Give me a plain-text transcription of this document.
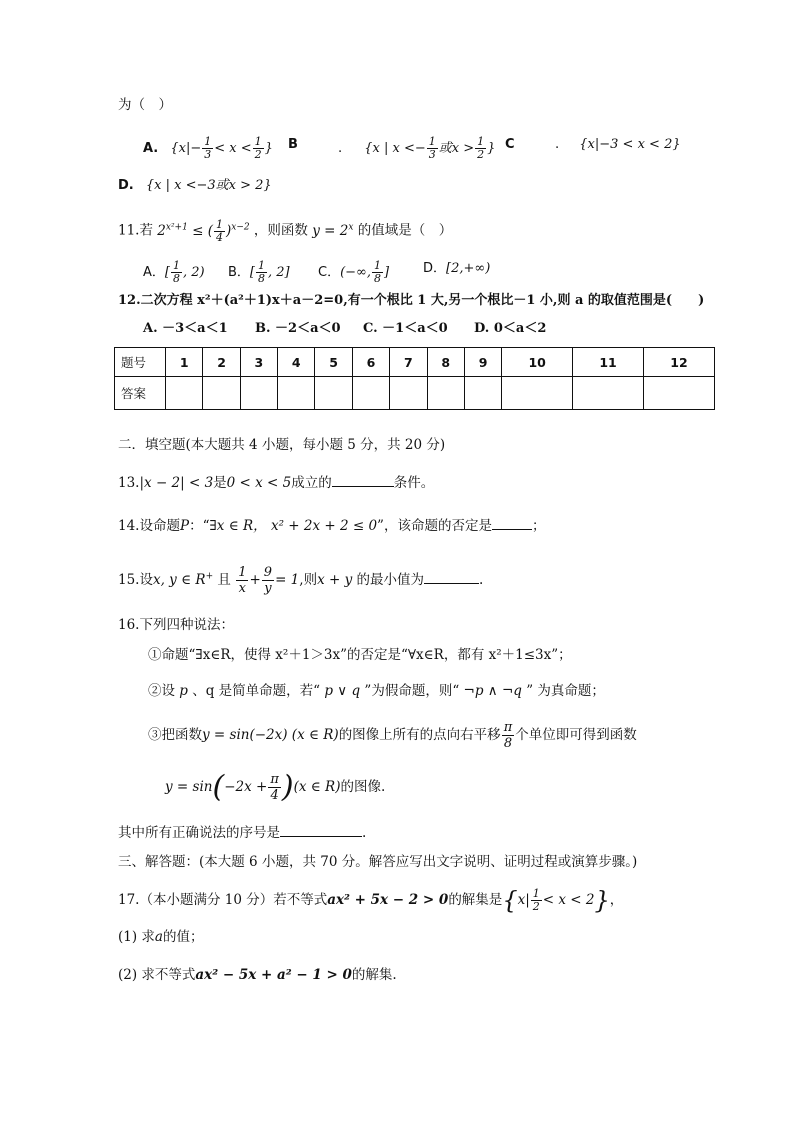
为（　）
A. {$x|- \frac{1}{3} < x < \frac{1}{2}$ } B	. {x | $x <- \frac{1}{3}$ 或$x > \frac{1}{2}$ } C	. {x|−3 < x < 2}
D. {x | x <−3或x > 2}
11.若 $2^{x^2+1}$ ≤ ( $\frac{1}{4} )^{x-2}$ ，则函数 $y = 2^x$ 的值域是（　）
A．[ $\frac{1}{8}$ , 2) B．[ $\frac{1}{8}$ , 2] C．(−∞, $\frac{1}{8}$ ]	D．[2,+∞)
12.二次方程 x²＋(a²＋1)x＋a－2=0,有一个根比 1 大,另一个根比－1 小,则 a 的取值范围是(　　)
A. －3＜a＜1 B. －2＜a＜0 C. －1＜a＜0 D. 0＜a＜2
题号	1	2	3	4	5	6	7	8	9	10	11	12
答案												
二．填空题(本大题共 4 小题，每小题 5 分，共 20 分)
13.|x − 2| < 3是0 < x < 5成立的	条件。
14.设命题P：“∃x ∈ R， x² + 2x + 2 ≤ 0”，该命题的否定是	；
15.设x, y ∈ R+ 且 $\frac{1}{x} + \frac{9}{y} = 1$,则x + y 的最小值为	.
16.下列四种说法：
①命题“∃x∈R，使得 x²＋1＞3x”的否定是“∀x∈R，都有 x²＋1≤3x”；
②设 p 、q 是简单命题，若“ p ∨ q ”为假命题，则“ ¬p ∧ ¬q ” 为真命题；
③把函数y = sin(−2x) (x ∈ R)的图像上所有的点向右平移 $\frac{\pi}{8}$ 个单位即可得到函数
$y = \sin(-2x + \frac{\pi}{4} )(x$ ∈ R)的图像.
其中所有正确说法的序号是	.
三、解答题：(本大题 6 小题，共 70 分。解答应写出文字说明、证明过程或演算步骤。)
17.（本小题满分 10 分）若不等式ax² + 5x − 2 > 0的解集是$\{x| \frac{1}{2} < x < 2\}$，
(1) 求a的值；
(2) 求不等式ax² − 5x + a² − 1 > 0的解集.
